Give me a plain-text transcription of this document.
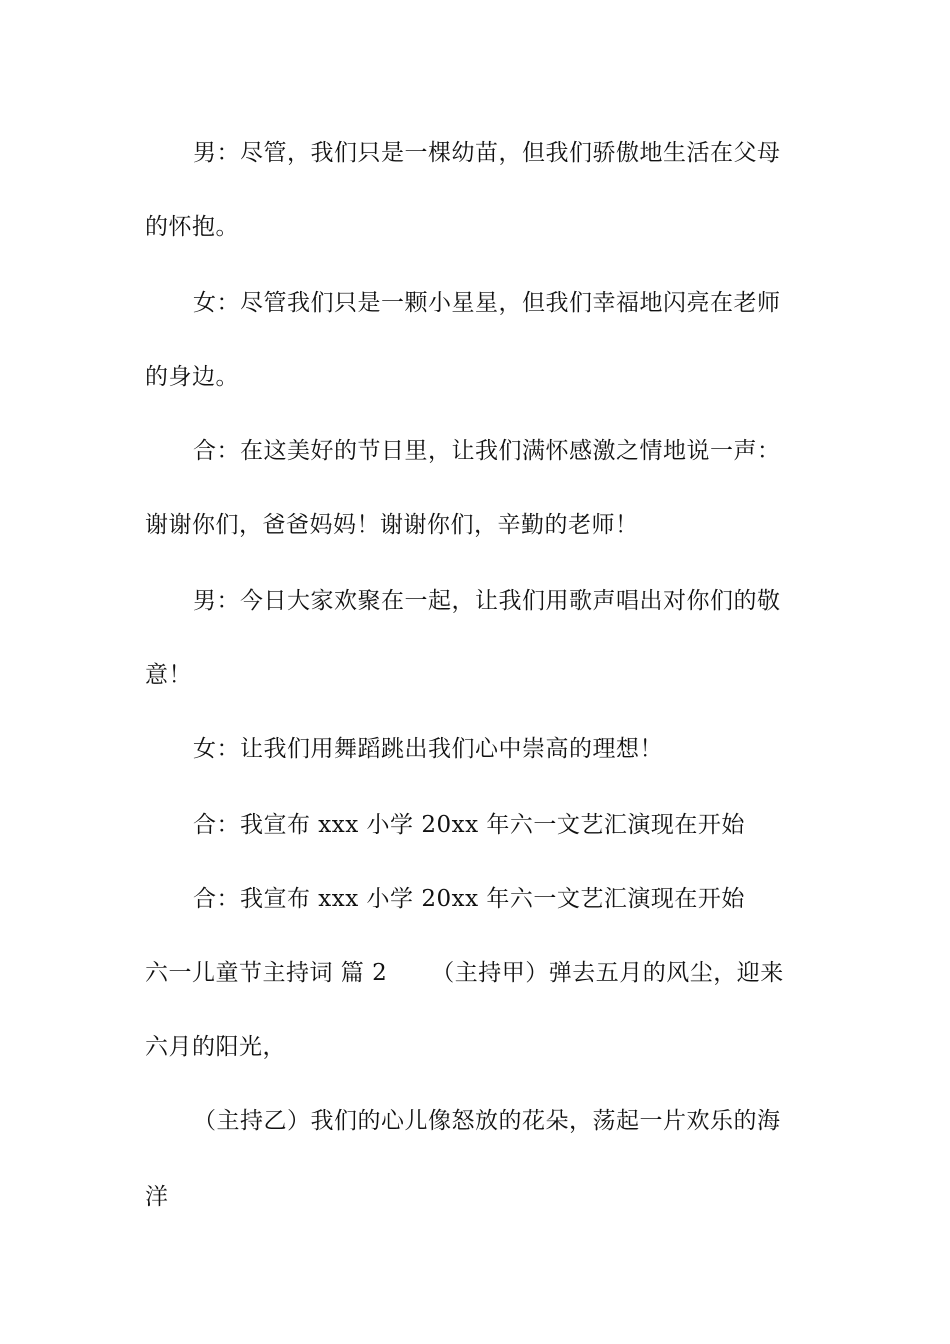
男：尽管，我们只是一棵幼苗，但我们骄傲地生活在父母
的怀抱。
女：尽管我们只是一颗小星星，但我们幸福地闪亮在老师
的身边。
合：在这美好的节日里，让我们满怀感激之情地说一声：
谢谢你们，爸爸妈妈！谢谢你们，辛勤的老师！
男：今日大家欢聚在一起，让我们用歌声唱出对你们的敬
意！
女：让我们用舞蹈跳出我们心中崇高的理想！
合：我宣布 xxx 小学 20xx 年六一文艺汇演现在开始
合：我宣布 xxx 小学 20xx 年六一文艺汇演现在开始
六一儿童节主持词 篇 2 （主持甲）弹去五月的风尘，迎来
六月的阳光，
（主持乙）我们的心儿像怒放的花朵，荡起一片欢乐的海
洋
